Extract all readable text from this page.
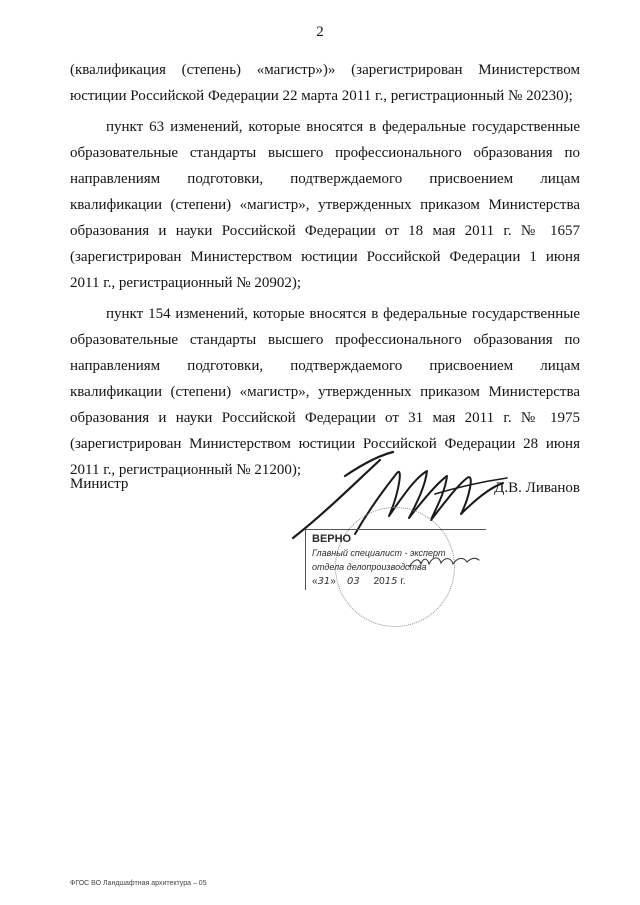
2

(квалификация (степень) «магистр»)» (зарегистрирован Министерством юстиции Российской Федерации 22 марта 2011 г., регистрационный № 20230);

пункт 63 изменений, которые вносятся в федеральные государственные образовательные стандарты высшего профессионального образования по направлениям подготовки, подтверждаемого присвоением лицам квалификации (степени) «магистр», утвержденных приказом Министерства образования и науки Российской Федерации от 18 мая 2011 г. № 1657 (зарегистрирован Министерством юстиции Российской Федерации 1 июня 2011 г., регистрационный № 20902);

пункт 154 изменений, которые вносятся в федеральные государственные образовательные стандарты высшего профессионального образования по направлениям подготовки, подтверждаемого присвоением лицам квалификации (степени) «магистр», утвержденных приказом Министерства образования и науки Российской Федерации от 31 мая 2011 г. № 1975 (зарегистрирован Министерством юстиции Российской Федерации 28 июня 2011 г., регистрационный № 21200);

Министр	Д.В. Ливанов
ВЕРНО
Главный специалист - эксперт
отдела делопроизводства
«31» 03 2015 г.
ФГОС ВО Ландшафтная архитектура – 05
